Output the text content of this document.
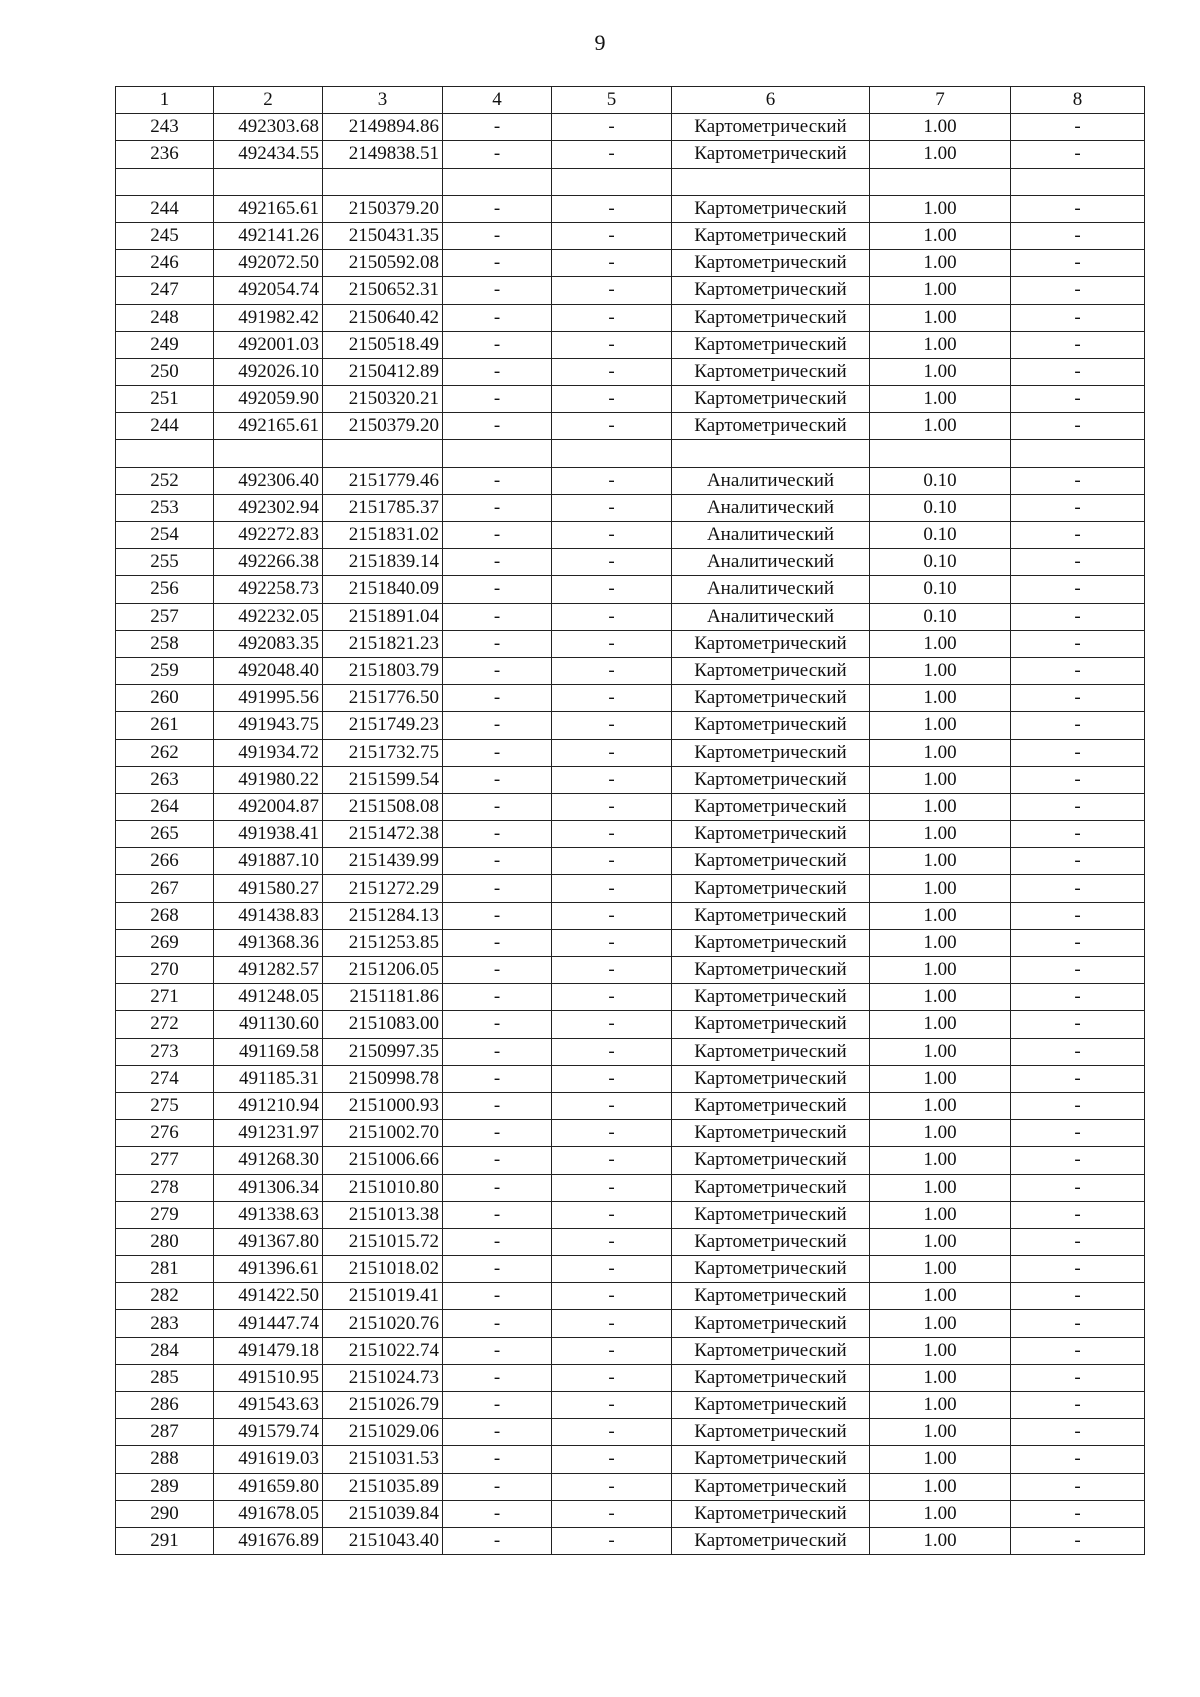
9
1	2	3	4	5	6	7	8
243	492303.68	2149894.86	-	-	Картометрический	1.00	-
236	492434.55	2149838.51	-	-	Картометрический	1.00	-

244	492165.61	2150379.20	-	-	Картометрический	1.00	-
245	492141.26	2150431.35	-	-	Картометрический	1.00	-
246	492072.50	2150592.08	-	-	Картометрический	1.00	-
247	492054.74	2150652.31	-	-	Картометрический	1.00	-
248	491982.42	2150640.42	-	-	Картометрический	1.00	-
249	492001.03	2150518.49	-	-	Картометрический	1.00	-
250	492026.10	2150412.89	-	-	Картометрический	1.00	-
251	492059.90	2150320.21	-	-	Картометрический	1.00	-
244	492165.61	2150379.20	-	-	Картометрический	1.00	-

252	492306.40	2151779.46	-	-	Аналитический	0.10	-
253	492302.94	2151785.37	-	-	Аналитический	0.10	-
254	492272.83	2151831.02	-	-	Аналитический	0.10	-
255	492266.38	2151839.14	-	-	Аналитический	0.10	-
256	492258.73	2151840.09	-	-	Аналитический	0.10	-
257	492232.05	2151891.04	-	-	Аналитический	0.10	-
258	492083.35	2151821.23	-	-	Картометрический	1.00	-
259	492048.40	2151803.79	-	-	Картометрический	1.00	-
260	491995.56	2151776.50	-	-	Картометрический	1.00	-
261	491943.75	2151749.23	-	-	Картометрический	1.00	-
262	491934.72	2151732.75	-	-	Картометрический	1.00	-
263	491980.22	2151599.54	-	-	Картометрический	1.00	-
264	492004.87	2151508.08	-	-	Картометрический	1.00	-
265	491938.41	2151472.38	-	-	Картометрический	1.00	-
266	491887.10	2151439.99	-	-	Картометрический	1.00	-
267	491580.27	2151272.29	-	-	Картометрический	1.00	-
268	491438.83	2151284.13	-	-	Картометрический	1.00	-
269	491368.36	2151253.85	-	-	Картометрический	1.00	-
270	491282.57	2151206.05	-	-	Картометрический	1.00	-
271	491248.05	2151181.86	-	-	Картометрический	1.00	-
272	491130.60	2151083.00	-	-	Картометрический	1.00	-
273	491169.58	2150997.35	-	-	Картометрический	1.00	-
274	491185.31	2150998.78	-	-	Картометрический	1.00	-
275	491210.94	2151000.93	-	-	Картометрический	1.00	-
276	491231.97	2151002.70	-	-	Картометрический	1.00	-
277	491268.30	2151006.66	-	-	Картометрический	1.00	-
278	491306.34	2151010.80	-	-	Картометрический	1.00	-
279	491338.63	2151013.38	-	-	Картометрический	1.00	-
280	491367.80	2151015.72	-	-	Картометрический	1.00	-
281	491396.61	2151018.02	-	-	Картометрический	1.00	-
282	491422.50	2151019.41	-	-	Картометрический	1.00	-
283	491447.74	2151020.76	-	-	Картометрический	1.00	-
284	491479.18	2151022.74	-	-	Картометрический	1.00	-
285	491510.95	2151024.73	-	-	Картометрический	1.00	-
286	491543.63	2151026.79	-	-	Картометрический	1.00	-
287	491579.74	2151029.06	-	-	Картометрический	1.00	-
288	491619.03	2151031.53	-	-	Картометрический	1.00	-
289	491659.80	2151035.89	-	-	Картометрический	1.00	-
290	491678.05	2151039.84	-	-	Картометрический	1.00	-
291	491676.89	2151043.40	-	-	Картометрический	1.00	-
